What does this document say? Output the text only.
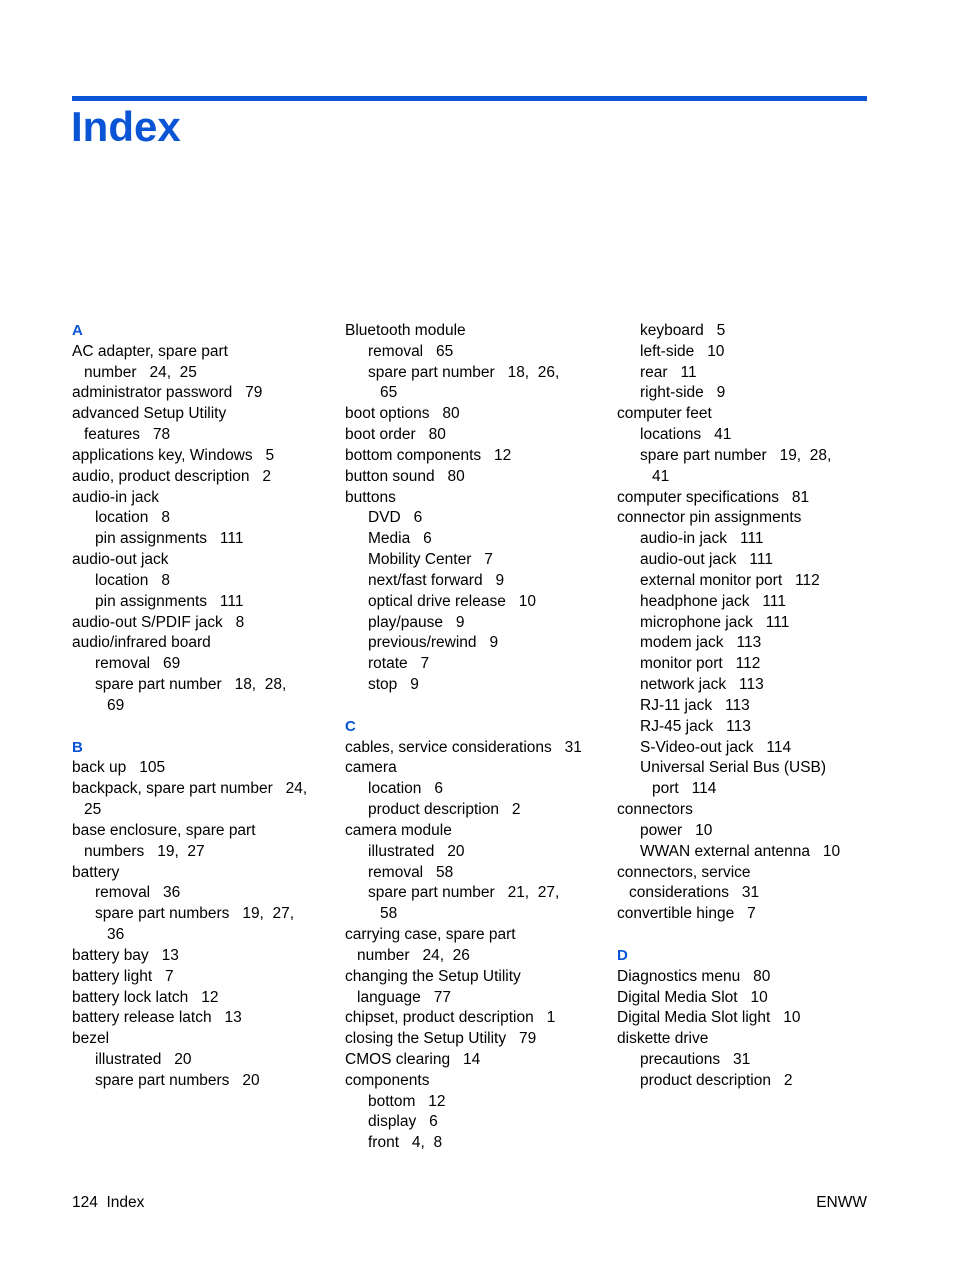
Index
A
AC adapter, spare part
number   24,  25
administrator password   79
advanced Setup Utility
features   78
applications key, Windows   5
audio, product description   2
audio-in jack
location   8
pin assignments   111
audio-out jack
location   8
pin assignments   111
audio-out S/PDIF jack   8
audio/infrared board
removal   69
spare part number   18,  28,
69
B
back up   105
backpack, spare part number   24,
25
base enclosure, spare part
numbers   19,  27
battery
removal   36
spare part numbers   19,  27,
36
battery bay   13
battery light   7
battery lock latch   12
battery release latch   13
bezel
illustrated   20
spare part numbers   20
Bluetooth module
removal   65
spare part number   18,  26,
65
boot options   80
boot order   80
bottom components   12
button sound   80
buttons
DVD   6
Media   6
Mobility Center   7
next/fast forward   9
optical drive release   10
play/pause   9
previous/rewind   9
rotate   7
stop   9
C
cables, service considerations   31
camera
location   6
product description   2
camera module
illustrated   20
removal   58
spare part number   21,  27,
58
carrying case, spare part
number   24,  26
changing the Setup Utility
language   77
chipset, product description   1
closing the Setup Utility   79
CMOS clearing   14
components
bottom   12
display   6
front   4,  8
keyboard   5
left-side   10
rear   11
right-side   9
computer feet
locations   41
spare part number   19,  28,
41
computer specifications   81
connector pin assignments
audio-in jack   111
audio-out jack   111
external monitor port   112
headphone jack   111
microphone jack   111
modem jack   113
monitor port   112
network jack   113
RJ-11 jack   113
RJ-45 jack   113
S-Video-out jack   114
Universal Serial Bus (USB)
port   114
connectors
power   10
WWAN external antenna   10
connectors, service
considerations   31
convertible hinge   7
D
Diagnostics menu   80
Digital Media Slot   10
Digital Media Slot light   10
diskette drive
precautions   31
product description   2
124  Index	ENWW
